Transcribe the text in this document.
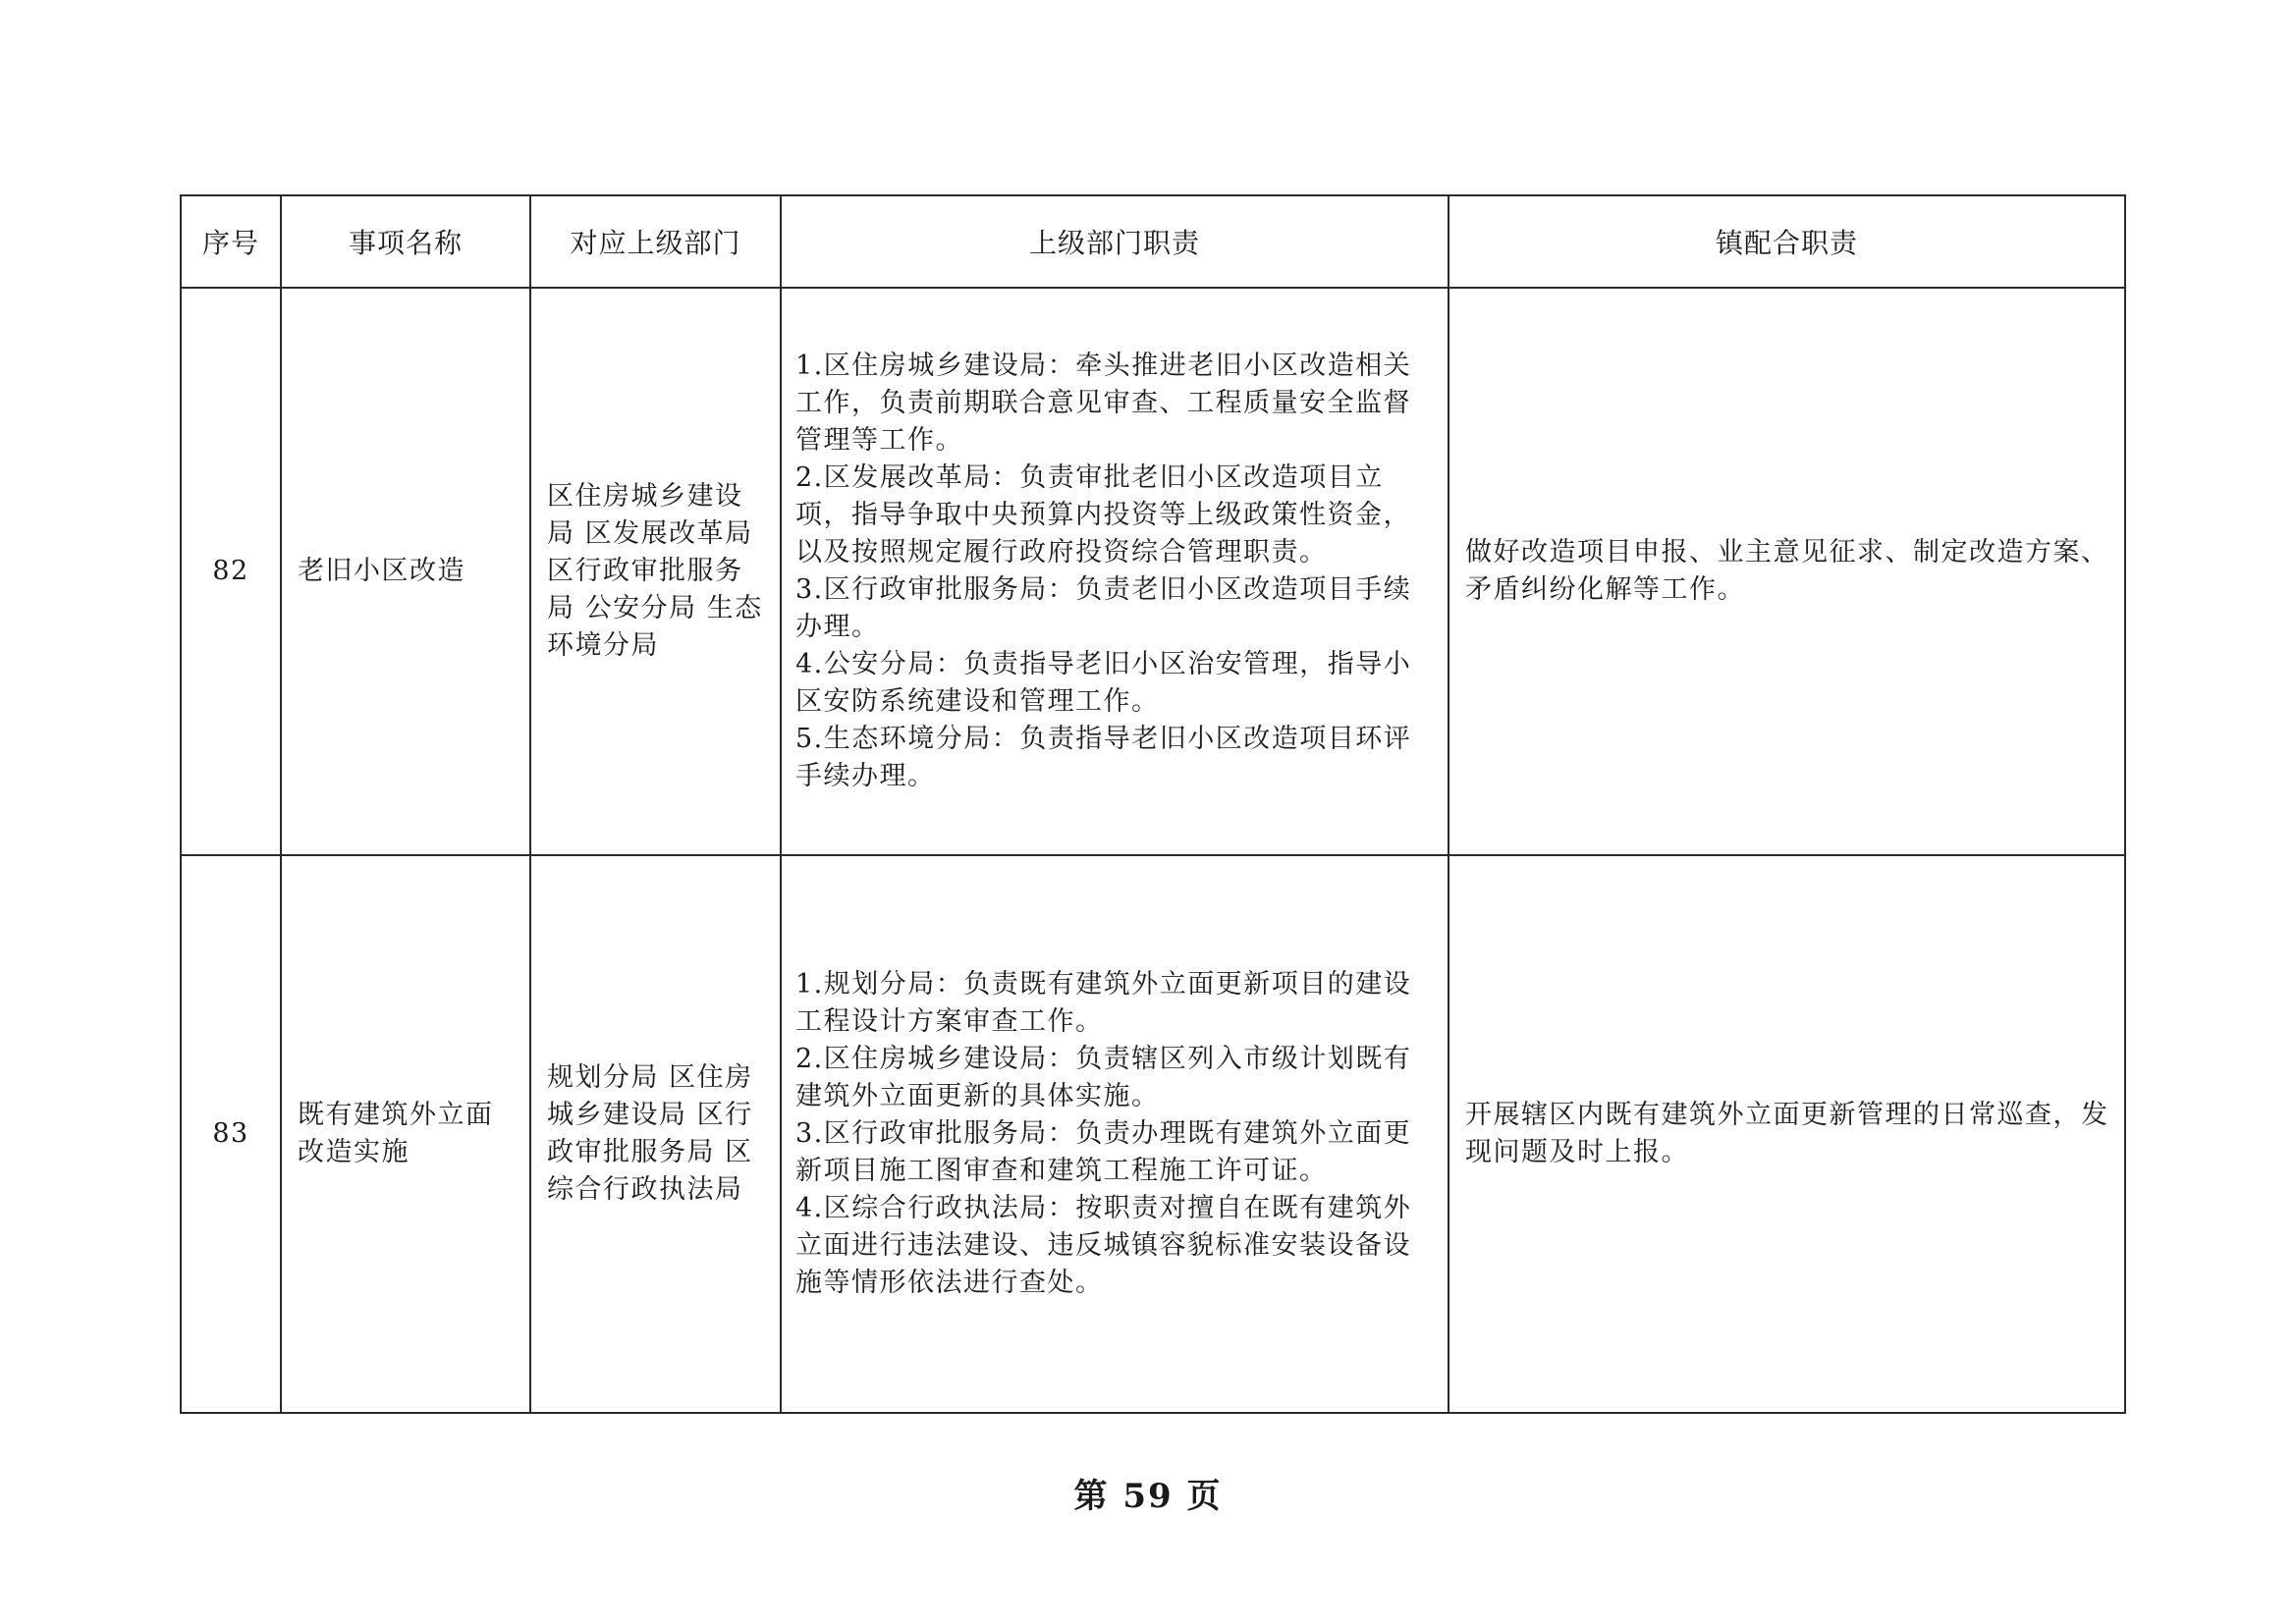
序号	事项名称	对应上级部门	上级部门职责	镇配合职责
82	老旧小区改造	区住房城乡建设局 区发展改革局 区行政审批服务局 公安分局 生态环境分局	1.区住房城乡建设局：牵头推进老旧小区改造相关工作，负责前期联合意见审查、工程质量安全监督管理等工作。
2.区发展改革局：负责审批老旧小区改造项目立项，指导争取中央预算内投资等上级政策性资金，以及按照规定履行政府投资综合管理职责。
3.区行政审批服务局：负责老旧小区改造项目手续办理。
4.公安分局：负责指导老旧小区治安管理，指导小区安防系统建设和管理工作。
5.生态环境分局：负责指导老旧小区改造项目环评手续办理。	做好改造项目申报、业主意见征求、制定改造方案、矛盾纠纷化解等工作。
83	既有建筑外立面改造实施	规划分局 区住房城乡建设局 区行政审批服务局 区综合行政执法局	1.规划分局：负责既有建筑外立面更新项目的建设工程设计方案审查工作。
2.区住房城乡建设局：负责辖区列入市级计划既有建筑外立面更新的具体实施。
3.区行政审批服务局：负责办理既有建筑外立面更新项目施工图审查和建筑工程施工许可证。
4.区综合行政执法局：按职责对擅自在既有建筑外立面进行违法建设、违反城镇容貌标准安装设备设施等情形依法进行查处。	开展辖区内既有建筑外立面更新管理的日常巡查，发现问题及时上报。
第 59 页
